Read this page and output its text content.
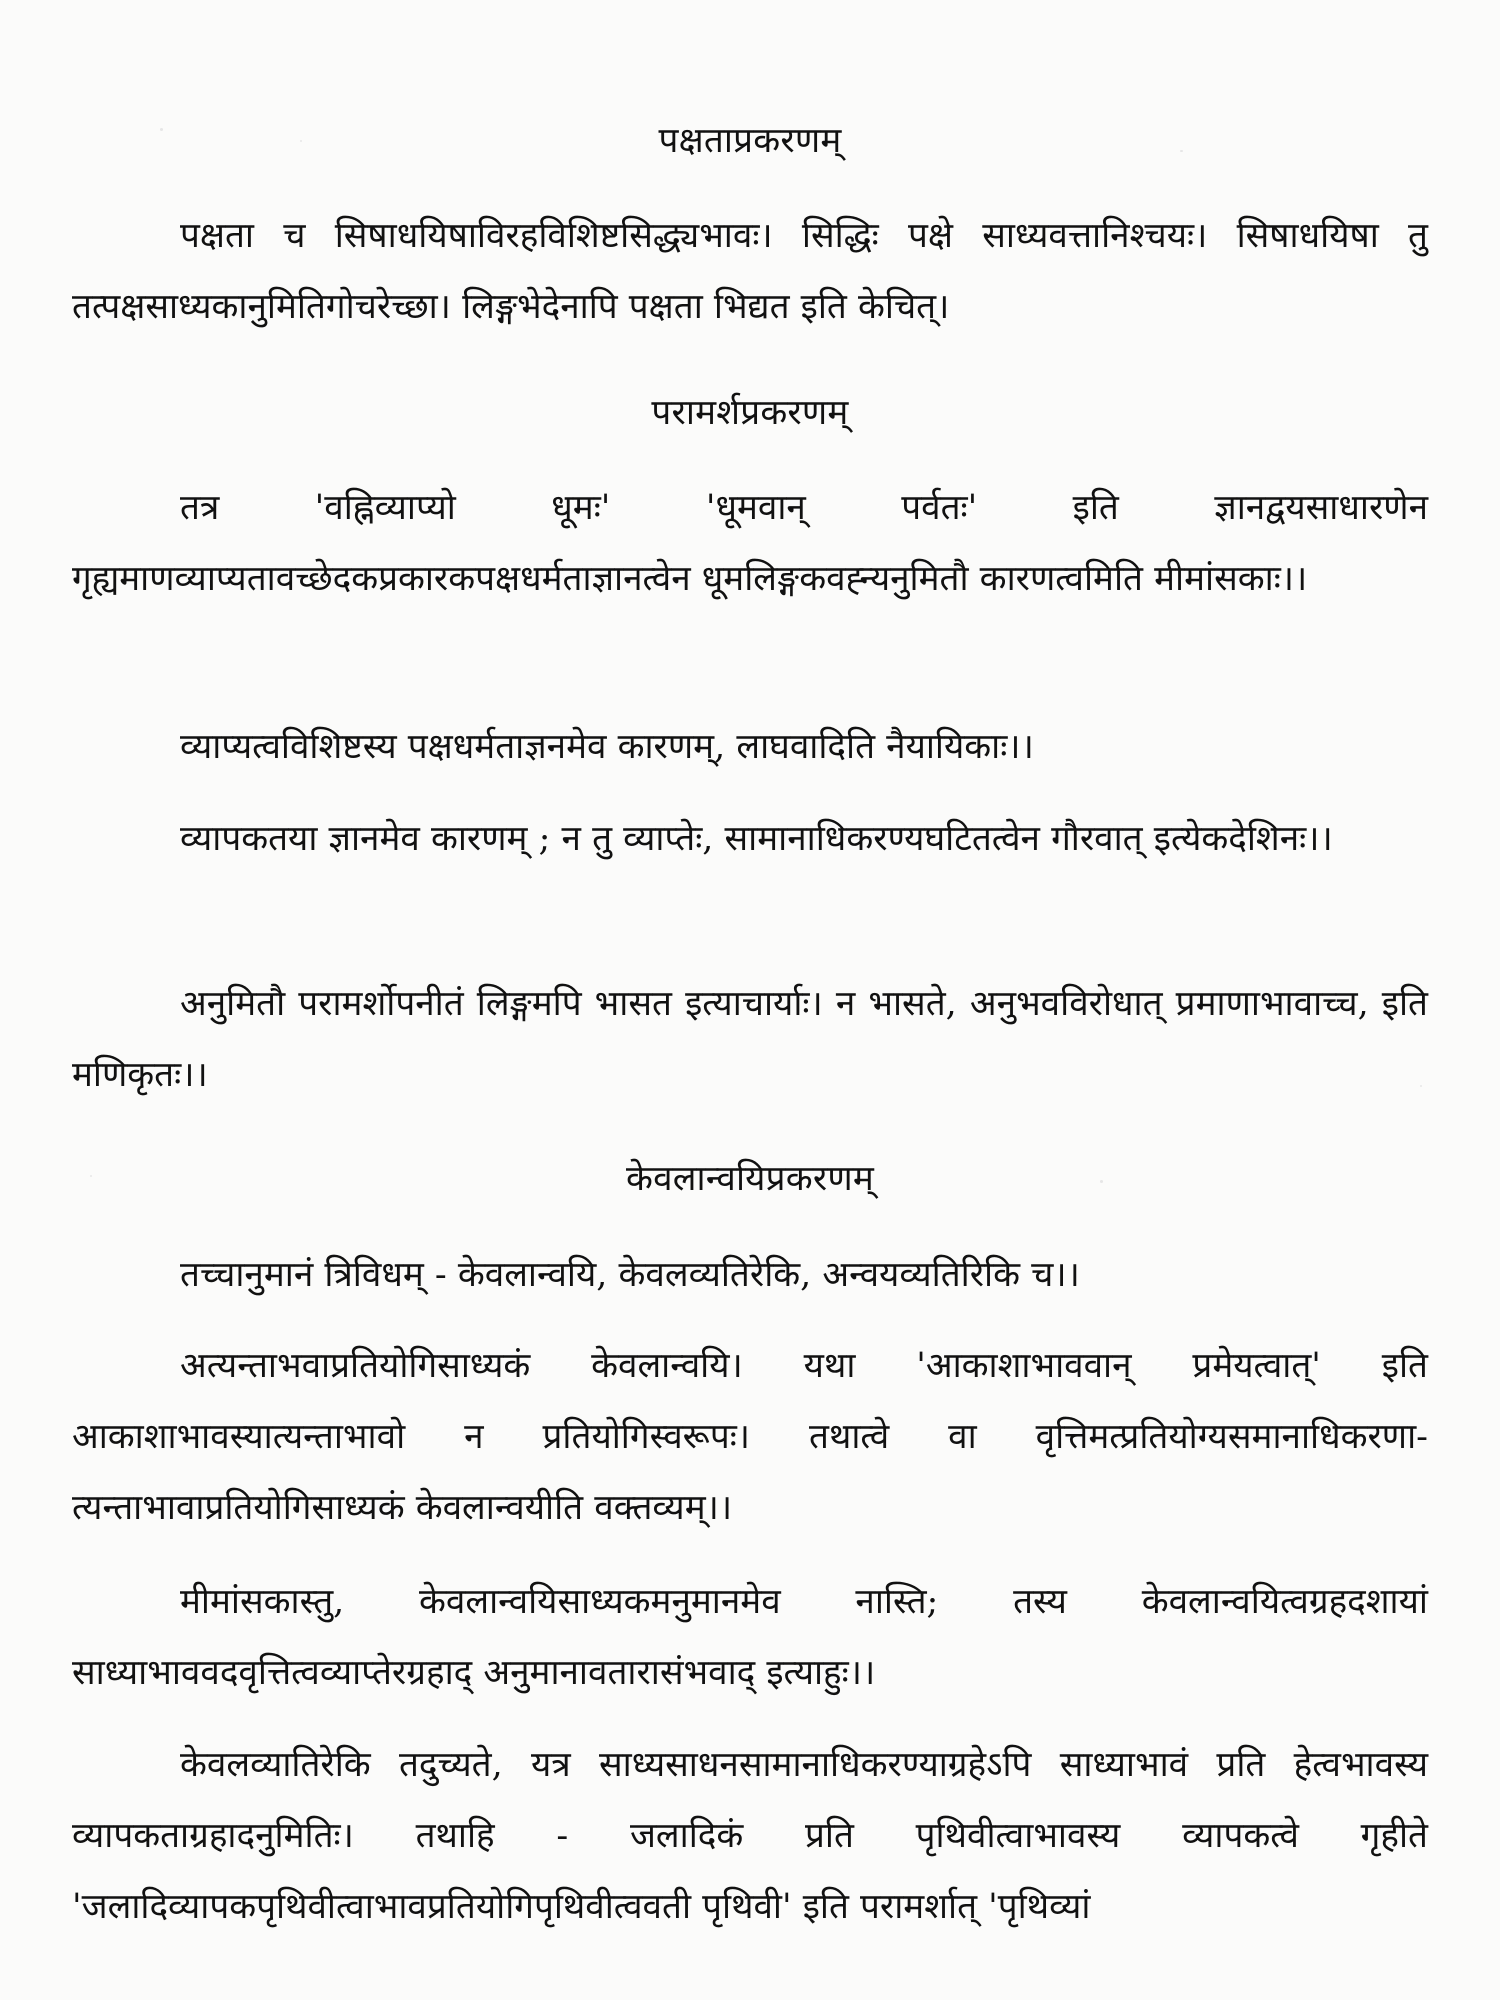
पक्षताप्रकरणम्
पक्षता च सिषाधयिषाविरहविशिष्टसिद्ध्यभावः। सिद्धिः पक्षे साध्यवत्तानिश्चयः। सिषाधयिषा तु तत्पक्षसाध्यकानुमितिगोचरेच्छा। लिङ्गभेदेनापि पक्षता भिद्यत इति केचित्।
परामर्शप्रकरणम्
तत्र 'वह्निव्याप्यो धूमः' 'धूमवान् पर्वतः' इति ज्ञानद्वयसाधारणेन गृह्यमाणव्याप्यतावच्छेदकप्रकारकपक्षधर्मताज्ञानत्वेन धूमलिङ्गकवह्न्यनुमितौ कारणत्वमिति मीमांसकाः।।
व्याप्यत्वविशिष्टस्य पक्षधर्मताज्ञनमेव कारणम्, लाघवादिति नैयायिकाः।।
व्यापकतया ज्ञानमेव कारणम् ; न तु व्याप्तेः, सामानाधिकरण्यघटितत्वेन गौरवात् इत्येकदेशिनः।।
अनुमितौ परामर्शोपनीतं लिङ्गमपि भासत इत्याचार्याः। न भासते, अनुभवविरोधात् प्रमाणाभावाच्च, इति मणिकृतः।।
केवलान्वयिप्रकरणम्
तच्चानुमानं त्रिविधम् - केवलान्वयि, केवलव्यतिरेकि, अन्वयव्यतिरिकि च।।
अत्यन्ताभवाप्रतियोगिसाध्यकं केवलान्वयि। यथा 'आकाशाभाववान् प्रमेयत्वात्' इति आकाशाभावस्यात्यन्ताभावो न प्रतियोगिस्वरूपः। तथात्वे वा वृत्तिमत्प्रतियोग्यसमानाधिकरणा-त्यन्ताभावाप्रतियोगिसाध्यकं केवलान्वयीति वक्तव्यम्।।
मीमांसकास्तु, केवलान्वयिसाध्यकमनुमानमेव नास्ति; तस्य केवलान्वयित्वग्रहदशायां साध्याभाववदवृत्तित्वव्याप्तेरग्रहाद् अनुमानावतारासंभवाद् इत्याहुः।।
केवलव्यातिरेकि तदुच्यते, यत्र साध्यसाधनसामानाधिकरण्याग्रहेऽपि साध्याभावं प्रति हेत्वभावस्य व्यापकताग्रहादनुमितिः। तथाहि - जलादिकं प्रति पृथिवीत्वाभावस्य व्यापकत्वे गृहीते 'जलादिव्यापकपृथिवीत्वाभावप्रतियोगिपृथिवीत्ववती पृथिवी' इति परामर्शात् 'पृथिव्यां
